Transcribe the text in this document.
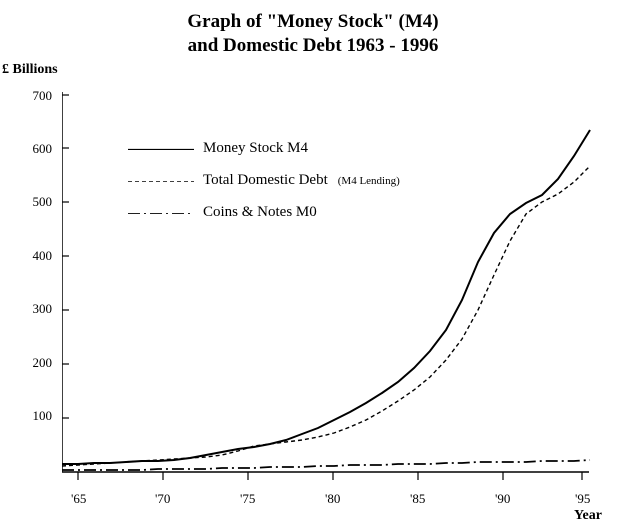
Graph of "Money Stock" (M4)
and Domestic Debt 1963 - 1996
£ Billions
Year
700
600
500
400
300
200
100
'65	'70	'75	'80	'85	'90	'95
Money Stock M4
Total Domestic Debt (M4 Lending)
Coins & Notes M0
